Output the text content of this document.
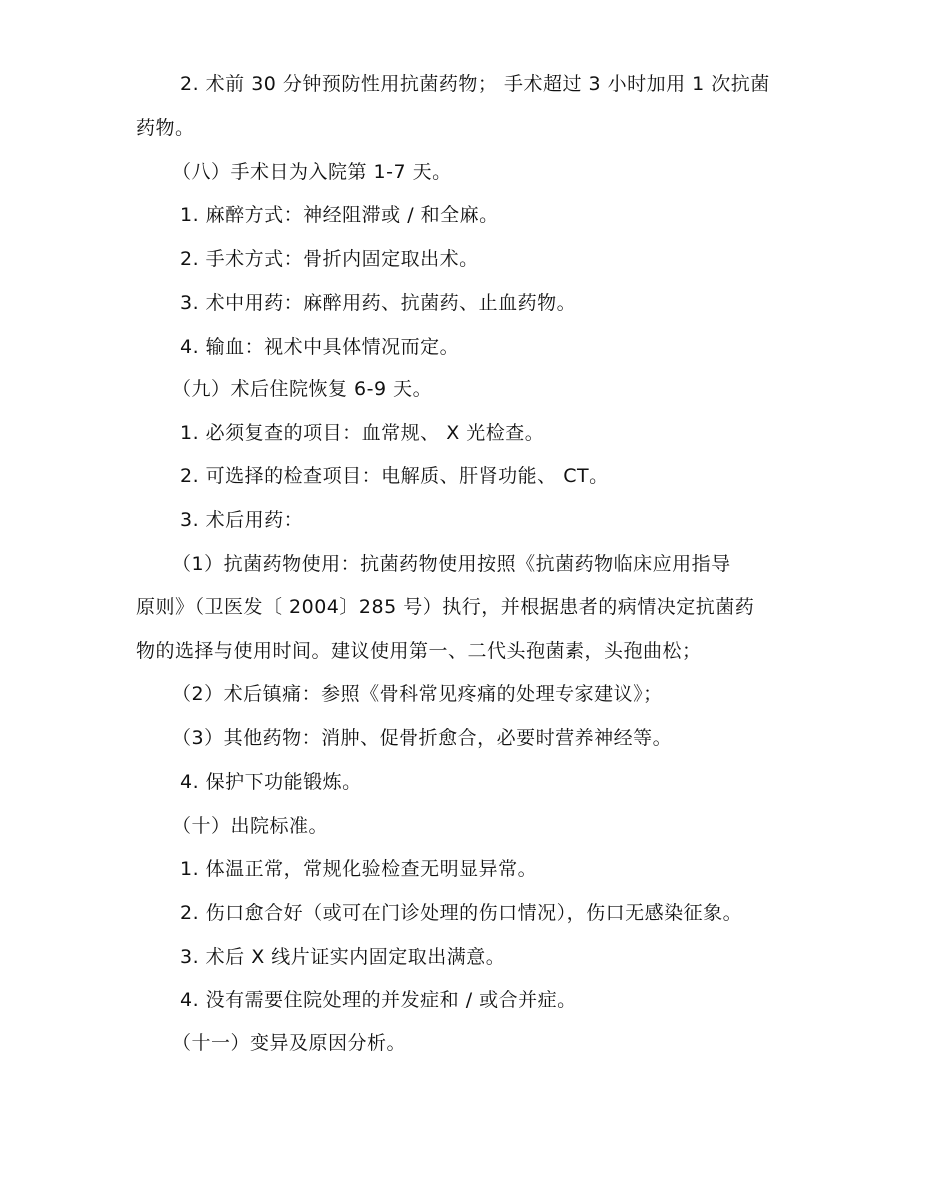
2. 术前 30 分钟预防性用抗菌药物； 手术超过 3 小时加用 1 次抗菌
药物。
（八）手术日为入院第 1-7 天。
1. 麻醉方式：神经阻滞或 / 和全麻。
2. 手术方式：骨折内固定取出术。
3. 术中用药：麻醉用药、抗菌药、止血药物。
4. 输血：视术中具体情况而定。
（九）术后住院恢复 6-9 天。
1. 必须复查的项目：血常规、 X 光检查。
2. 可选择的检查项目：电解质、肝肾功能、 CT。
3. 术后用药：
（1）抗菌药物使用：抗菌药物使用按照《抗菌药物临床应用指导
原则》（卫医发〔 2004〕285 号）执行，并根据患者的病情决定抗菌药
物的选择与使用时间。建议使用第一、二代头孢菌素，头孢曲松；
（2）术后镇痛：参照《骨科常见疼痛的处理专家建议》；
（3）其他药物：消肿、促骨折愈合，必要时营养神经等。
4. 保护下功能锻炼。
（十）出院标准。
1. 体温正常，常规化验检查无明显异常。
2. 伤口愈合好（或可在门诊处理的伤口情况），伤口无感染征象。
3. 术后 X 线片证实内固定取出满意。
4. 没有需要住院处理的并发症和 / 或合并症。
（十一）变异及原因分析。
